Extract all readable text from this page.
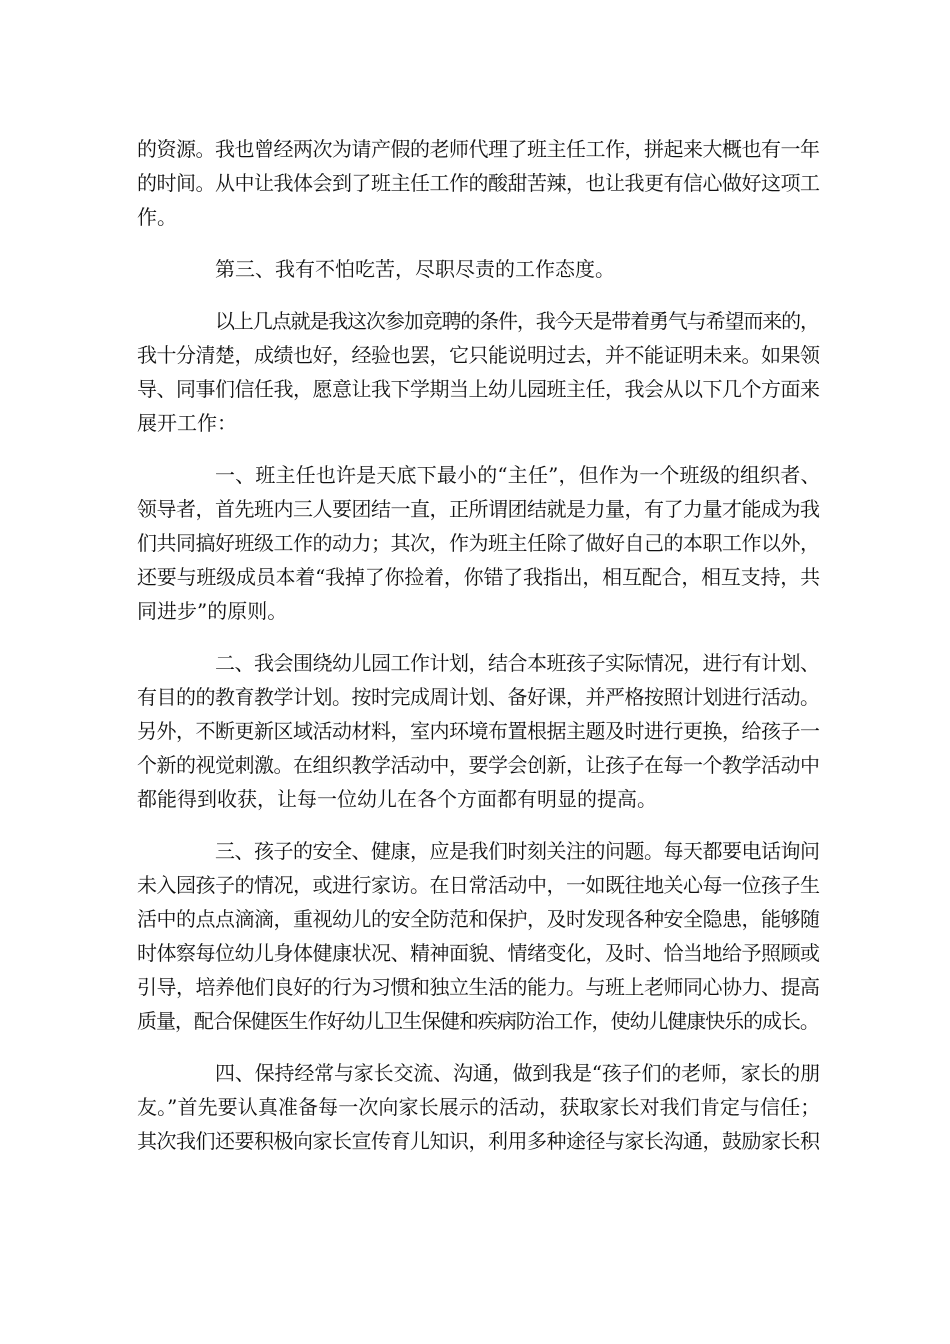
的资源。我也曾经两次为请产假的老师代理了班主任工作，拼起来大概也有一年
的时间。从中让我体会到了班主任工作的酸甜苦辣，也让我更有信心做好这项工
作。
第三、我有不怕吃苦，尽职尽责的工作态度。
以上几点就是我这次参加竞聘的条件，我今天是带着勇气与希望而来的，
我十分清楚，成绩也好，经验也罢，它只能说明过去，并不能证明未来。如果领
导、同事们信任我，愿意让我下学期当上幼儿园班主任，我会从以下几个方面来
展开工作：
一、班主任也许是天底下最小的“主任”，但作为一个班级的组织者、
领导者，首先班内三人要团结一直，正所谓团结就是力量，有了力量才能成为我
们共同搞好班级工作的动力；其次，作为班主任除了做好自己的本职工作以外，
还要与班级成员本着“我掉了你捡着，你错了我指出，相互配合，相互支持，共
同进步”的原则。
二、我会围绕幼儿园工作计划，结合本班孩子实际情况，进行有计划、
有目的的教育教学计划。按时完成周计划、备好课，并严格按照计划进行活动。
另外，不断更新区域活动材料，室内环境布置根据主题及时进行更换，给孩子一
个新的视觉刺激。在组织教学活动中，要学会创新，让孩子在每一个教学活动中
都能得到收获，让每一位幼儿在各个方面都有明显的提高。
三、孩子的安全、健康，应是我们时刻关注的问题。每天都要电话询问
未入园孩子的情况，或进行家访。在日常活动中，一如既往地关心每一位孩子生
活中的点点滴滴，重视幼儿的安全防范和保护，及时发现各种安全隐患，能够随
时体察每位幼儿身体健康状况、精神面貌、情绪变化，及时、恰当地给予照顾或
引导，培养他们良好的行为习惯和独立生活的能力。与班上老师同心协力、提高
质量，配合保健医生作好幼儿卫生保健和疾病防治工作，使幼儿健康快乐的成长。
四、保持经常与家长交流、沟通，做到我是“孩子们的老师，家长的朋
友。”首先要认真准备每一次向家长展示的活动，获取家长对我们肯定与信任；
其次我们还要积极向家长宣传育儿知识，利用多种途径与家长沟通，鼓励家长积
